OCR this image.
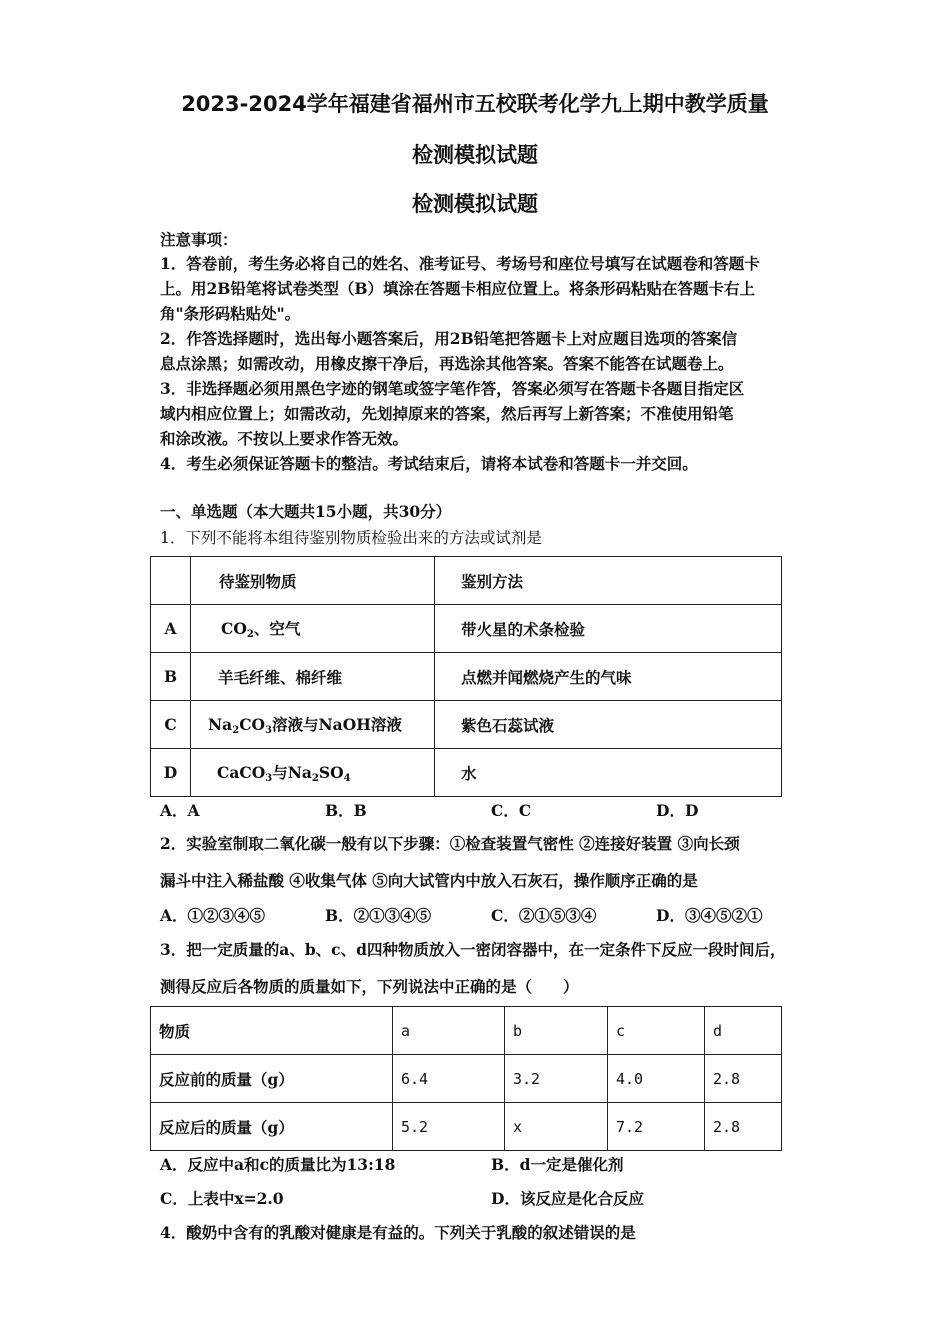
2023-2024学年福建省福州市五校联考化学九上期中教学质量
检测模拟试题
检测模拟试题
注意事项：
1．答卷前，考生务必将自己的姓名、准考证号、考场号和座位号填写在试题卷和答题卡
上。用2B铅笔将试卷类型（B）填涂在答题卡相应位置上。将条形码粘贴在答题卡右上
角"条形码粘贴处"。
2．作答选择题时，选出每小题答案后，用2B铅笔把答题卡上对应题目选项的答案信
息点涂黑；如需改动，用橡皮擦干净后，再选涂其他答案。答案不能答在试题卷上。
3．非选择题必须用黑色字迹的钢笔或签字笔作答，答案必须写在答题卡各题目指定区
域内相应位置上；如需改动，先划掉原来的答案，然后再写上新答案；不准使用铅笔
和涂改液。不按以上要求作答无效。
4．考生必须保证答题卡的整洁。考试结束后，请将本试卷和答题卡一并交回。
一、单选题（本大题共15小题，共30分）
1．下列不能将本组待鉴别物质检验出来的方法或试剂是
	待鉴别物质	鉴别方法
A	$CO_2$、空气	带火星的术条检验
B	羊毛纤维、棉纤维	点燃并闻燃烧产生的气味
C	$Na_2CO_3$溶液与NaOH溶液	紫色石蕊试液
D	CaCO$_3$与$Na_2SO_4$	水
A．A	B．B	C．C	D．D
2．实验室制取二氧化碳一般有以下步骤：①检查装置气密性 ②连接好装置 ③向长颈
漏斗中注入稀盐酸 ④收集气体 ⑤向大试管内中放入石灰石，操作顺序正确的是
A．①②③④⑤	B．②①③④⑤	C．②①⑤③④	D．③④⑤②①
3．把一定质量的a、b、c、d四种物质放入一密闭容器中，在一定条件下反应一段时间后，
测得反应后各物质的质量如下，下列说法中正确的是（　　）
物质	a	b	c	d
反应前的质量（g）	6.4	3.2	4.0	2.8
反应后的质量（g）	5.2	x	7.2	2.8
A．反应中a和c的质量比为13:18	B．d一定是催化剂
C．上表中x=2.0	D．该反应是化合反应
4．酸奶中含有的乳酸对健康是有益的。下列关于乳酸的叙述错误的是
